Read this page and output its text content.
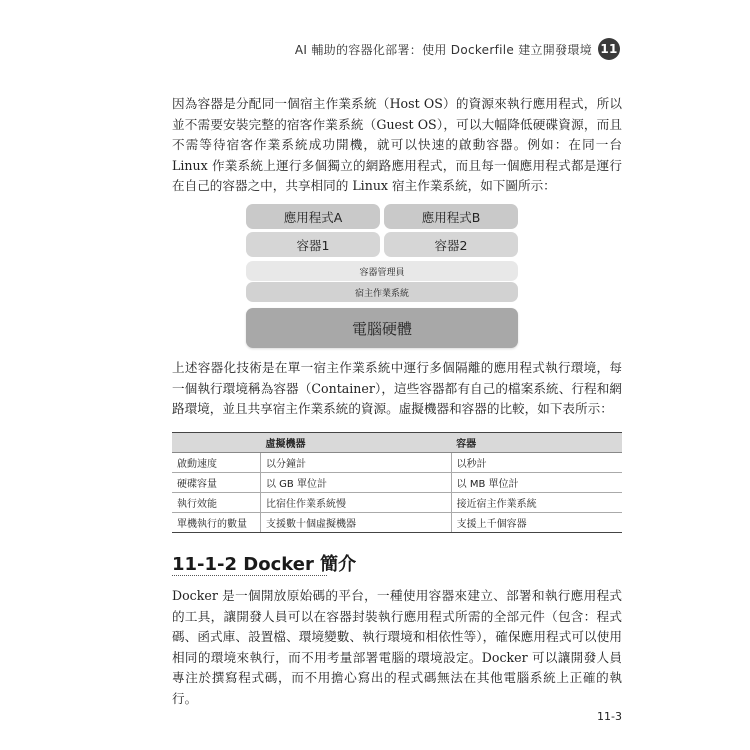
AI 輔助的容器化部署：使用 Dockerfile 建立開發環境 11

因為容器是分配同一個宿主作業系統（Host OS）的資源來執行應用程式，所以並不需要安裝完整的宿客作業系統（Guest OS），可以大幅降低硬碟資源，而且不需等待宿客作業系統成功開機，就可以快速的啟動容器。例如：在同一台 Linux 作業系統上運行多個獨立的網路應用程式，而且每一個應用程式都是運行在自己的容器之中，共享相同的 Linux 宿主作業系統，如下圖所示：

應用程式A	應用程式B
容器1	容器2
容器管理員
宿主作業系統
電腦硬體

上述容器化技術是在單一宿主作業系統中運行多個隔離的應用程式執行環境，每一個執行環境稱為容器（Container），這些容器都有自己的檔案系統、行程和網路環境，並且共享宿主作業系統的資源。虛擬機器和容器的比較，如下表所示：

	虛擬機器	容器
啟動速度	以分鐘計	以秒計
硬碟容量	以 GB 單位計	以 MB 單位計
執行效能	比宿住作業系統慢	接近宿主作業系統
單機執行的數量	支援數十個虛擬機器	支援上千個容器
11-1-2 Docker 簡介

Docker 是一個開放原始碼的平台，一種使用容器來建立、部署和執行應用程式的工具，讓開發人員可以在容器封裝執行應用程式所需的全部元件（包含：程式碼、函式庫、設置檔、環境變數、執行環境和相依性等），確保應用程式可以使用相同的環境來執行，而不用考量部署電腦的環境設定。Docker 可以讓開發人員專注於撰寫程式碼，而不用擔心寫出的程式碼無法在其他電腦系統上正確的執行。

11-3
